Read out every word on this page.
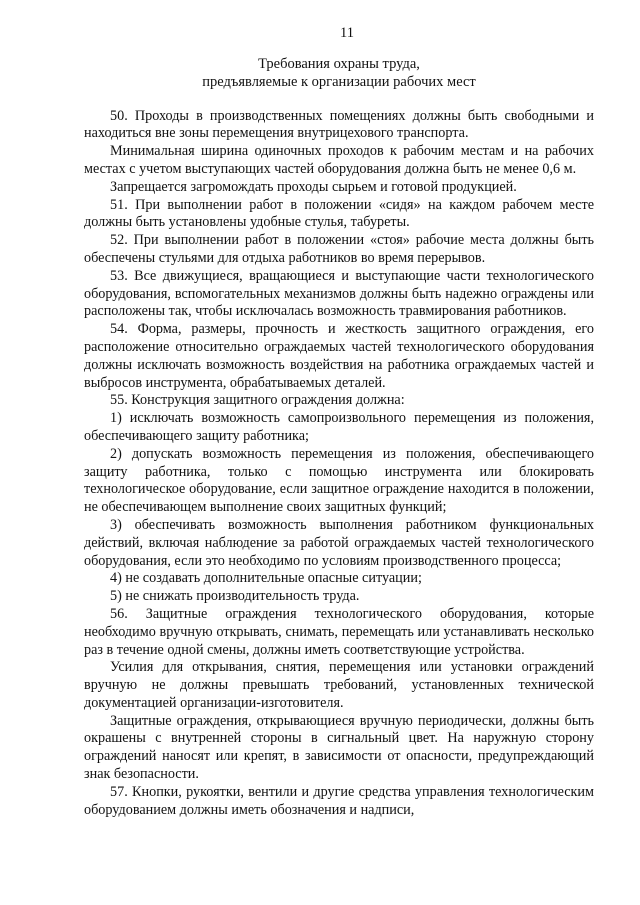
11
Требования охраны труда,
предъявляемые к организации рабочих мест

50. Проходы в производственных помещениях должны быть свободными и находиться вне зоны перемещения внутрицехового транспорта.

Минимальная ширина одиночных проходов к рабочим местам и на рабочих местах с учетом выступающих частей оборудования должна быть не менее 0,6 м.

Запрещается загромождать проходы сырьем и готовой продукцией.

51. При выполнении работ в положении «сидя» на каждом рабочем месте должны быть установлены удобные стулья, табуреты.

52. При выполнении работ в положении «стоя» рабочие места должны быть обеспечены стульями для отдыха работников во время перерывов.

53. Все движущиеся, вращающиеся и выступающие части технологического оборудования, вспомогательных механизмов должны быть надежно ограждены или расположены так, чтобы исключалась возможность травмирования работников.

54. Форма, размеры, прочность и жесткость защитного ограждения, его расположение относительно ограждаемых частей технологического оборудования должны исключать возможность воздействия на работника ограждаемых частей и выбросов инструмента, обрабатываемых деталей.

55. Конструкция защитного ограждения должна:

1) исключать возможность самопроизвольного перемещения из положения, обеспечивающего защиту работника;

2) допускать возможность перемещения из положения, обеспечивающего защиту работника, только с помощью инструмента или блокировать технологическое оборудование, если защитное ограждение находится в положении, не обеспечивающем выполнение своих защитных функций;

3) обеспечивать возможность выполнения работником функциональных действий, включая наблюдение за работой ограждаемых частей технологического оборудования, если это необходимо по условиям производственного процесса;

4) не создавать дополнительные опасные ситуации;

5) не снижать производительность труда.

56. Защитные ограждения технологического оборудования, которые необходимо вручную открывать, снимать, перемещать или устанавливать несколько раз в течение одной смены, должны иметь соответствующие устройства.

Усилия для открывания, снятия, перемещения или установки ограждений вручную не должны превышать требований, установленных технической документацией организации-изготовителя.

Защитные ограждения, открывающиеся вручную периодически, должны быть окрашены с внутренней стороны в сигнальный цвет. На наружную сторону ограждений наносят или крепят, в зависимости от опасности, предупреждающий знак безопасности.

57. Кнопки, рукоятки, вентили и другие средства управления технологическим оборудованием должны иметь обозначения и надписи,
